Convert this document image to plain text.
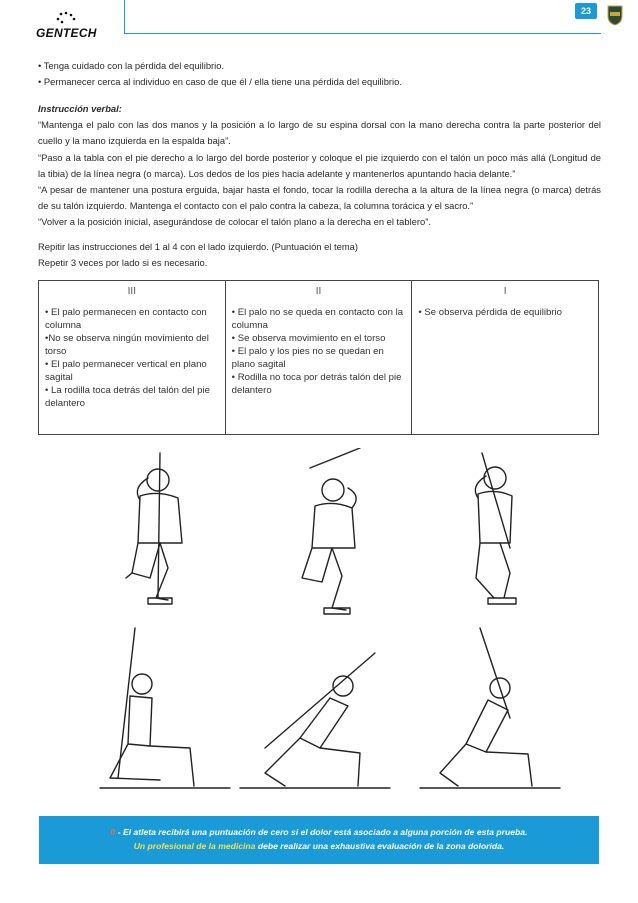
23
GENTECH

• Tenga cuidado con la pérdida del equilibrio.

• Permanecer cerca al individuo en caso de que él / ella tiene una pérdida del equilibrio.

Instrucción verbal:

“Mantenga el palo con las dos manos y la posición a lo largo de su espina dorsal con la mano derecha contra la parte posterior del cuello y la mano izquierda en la espalda baja”.

“Paso a la tabla con el pie derecho a lo largo del borde posterior y coloque el pie izquierdo con el talón un poco más allá (Longitud de la tibia) de la línea negra (o marca). Los dedos de los pies hacia adelante y mantenerlos apuntando hacia delante.”

“A pesar de mantener una postura erguida, bajar hasta el fondo, tocar la rodilla derecha a la altura de la línea negra (o marca) detrás de su talón izquierdo. Mantenga el contacto con el palo contra la cabeza, la columna torácica y el sacro.”

“Volver a la posición inicial, asegurándose de colocar el talón plano a la derecha en el tablero”.

Repitir las instrucciones del 1 al 4 con el lado izquierdo. (Puntuación el tema)

Repetir 3 veces por lado si es necesario.

III

• El palo permanecen en contacto con columna

•No se observa ningún movimiento del torso

• El palo permanecer vertical en plano sagital

• La rodilla toca detrás del talón del pie delantero

II

• El palo no se queda en contacto con la columna

• Se observa movimiento en el torso

• El palo y los pies no se quedan en plano sagital

• Rodilla no toca por detrás talón del pie delantero

I

• Se observa pérdida de equilibrio

0 - El atleta recibirá una puntuación de cero si el dolor está asociado a alguna porción de esta prueba.
Un profesional de la medicina debe realizar una exhaustiva evaluación de la zona dolorida.
